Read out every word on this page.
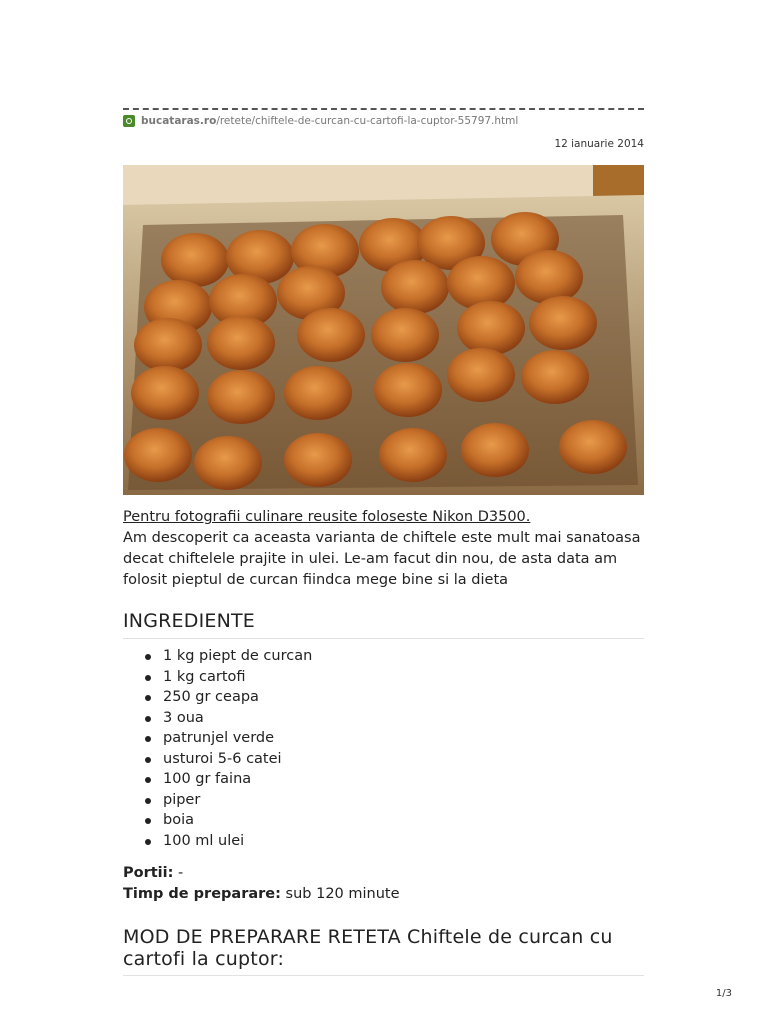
bucataras.ro /retete/chiftele-de-curcan-cu-cartofi-la-cuptor-55797.html
12 ianuarie 2014
Pentru fotografii culinare reusite foloseste Nikon D3500.
Am descoperit ca aceasta varianta de chiftele este mult mai sanatoasa decat chiftelele prajite in ulei. Le-am facut din nou, de asta data am folosit pieptul de curcan fiindca mege bine si la dieta
INGREDIENTE
1 kg piept de curcan
1 kg cartofi
250 gr ceapa
3 oua
patrunjel verde
usturoi 5-6 catei
100 gr faina
piper
boia
100 ml ulei
Portii: -
Timp de preparare: sub 120 minute
MOD DE PREPARARE RETETA Chiftele de curcan cu cartofi la cuptor:
1/3
